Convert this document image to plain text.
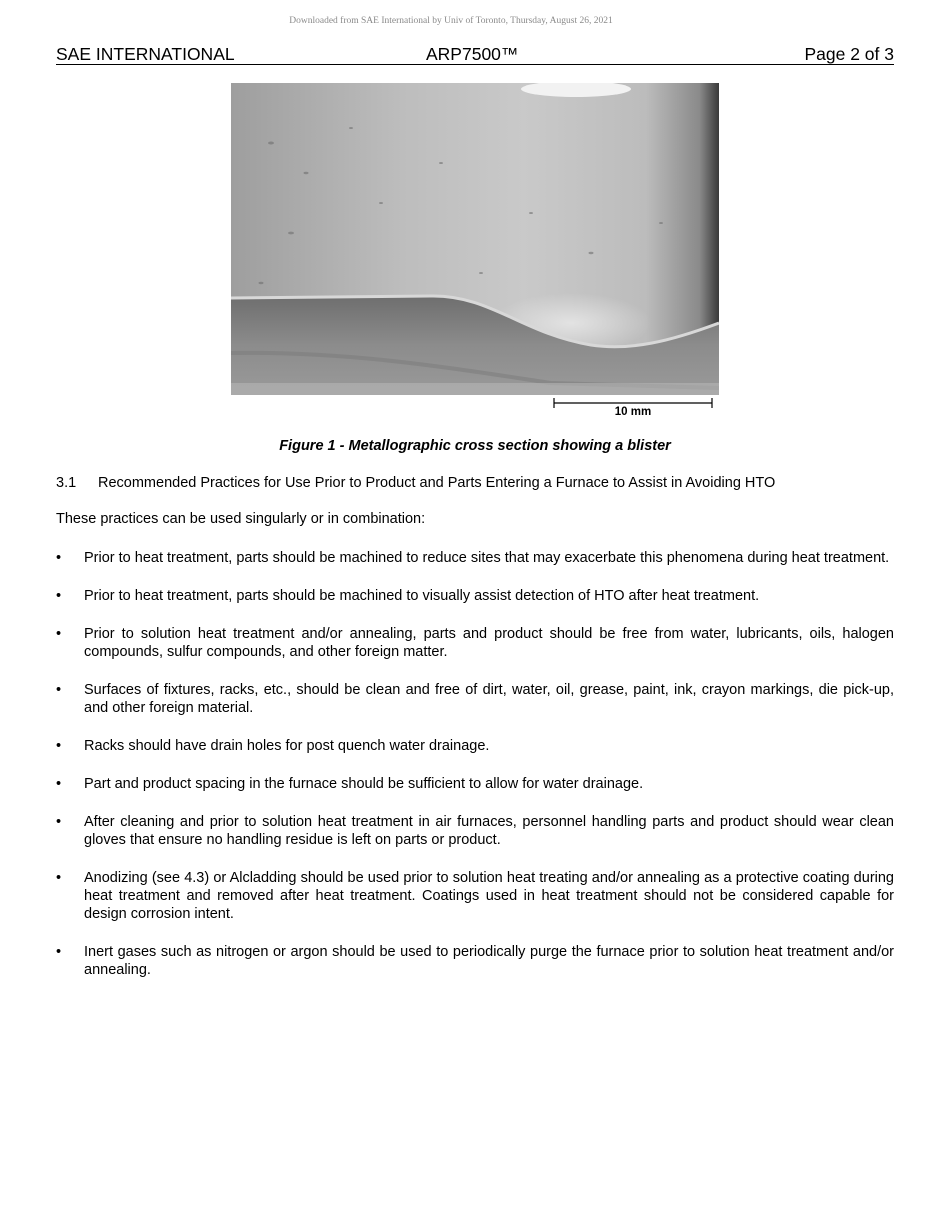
Downloaded from SAE International by Univ of Toronto, Thursday, August 26, 2021
SAE INTERNATIONAL	ARP7500™	Page 2 of 3
10 mm
Figure 1 - Metallographic cross section showing a blister
3.1 Recommended Practices for Use Prior to Product and Parts Entering a Furnace to Assist in Avoiding HTO
These practices can be used singularly or in combination:
• Prior to heat treatment, parts should be machined to reduce sites that may exacerbate this phenomena during heat treatment.
• Prior to heat treatment, parts should be machined to visually assist detection of HTO after heat treatment.
• Prior to solution heat treatment and/or annealing, parts and product should be free from water, lubricants, oils, halogen compounds, sulfur compounds, and other foreign matter.
• Surfaces of fixtures, racks, etc., should be clean and free of dirt, water, oil, grease, paint, ink, crayon markings, die pick-up, and other foreign material.
• Racks should have drain holes for post quench water drainage.
• Part and product spacing in the furnace should be sufficient to allow for water drainage.
• After cleaning and prior to solution heat treatment in air furnaces, personnel handling parts and product should wear clean gloves that ensure no handling residue is left on parts or product.
• Anodizing (see 4.3) or Alcladding should be used prior to solution heat treating and/or annealing as a protective coating during heat treatment and removed after heat treatment. Coatings used in heat treatment should not be considered capable for design corrosion intent.
• Inert gases such as nitrogen or argon should be used to periodically purge the furnace prior to solution heat treatment and/or annealing.
